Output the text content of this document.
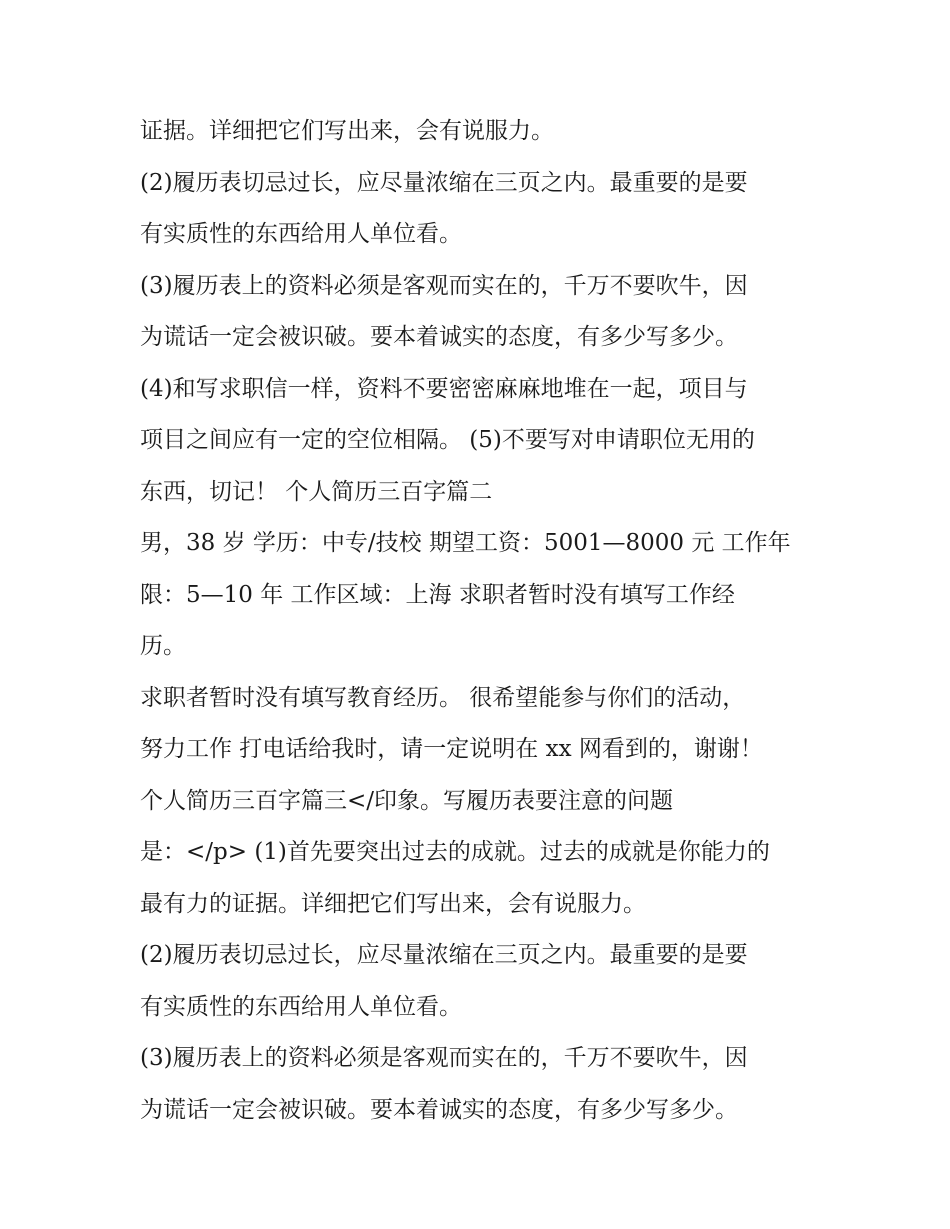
证据。详细把它们写出来，会有说服力。
(2)履历表切忌过长，应尽量浓缩在三页之内。最重要的是要
有实质性的东西给用人单位看。
(3)履历表上的资料必须是客观而实在的，千万不要吹牛，因
为谎话一定会被识破。要本着诚实的态度，有多少写多少。
(4)和写求职信一样，资料不要密密麻麻地堆在一起，项目与
项目之间应有一定的空位相隔。 (5)不要写对申请职位无用的
东西，切记！ 个人简历三百字篇二
男，38 岁 学历：中专/技校 期望工资：5001—8000 元 工作年
限：5—10 年 工作区域：上海 求职者暂时没有填写工作经
历。
求职者暂时没有填写教育经历。 很希望能参与你们的活动，
努力工作 打电话给我时，请一定说明在 xx 网看到的，谢谢！
个人简历三百字篇三</印象。写履历表要注意的问题
是：</p> (1)首先要突出过去的成就。过去的成就是你能力的
最有力的证据。详细把它们写出来，会有说服力。
(2)履历表切忌过长，应尽量浓缩在三页之内。最重要的是要
有实质性的东西给用人单位看。
(3)履历表上的资料必须是客观而实在的，千万不要吹牛，因
为谎话一定会被识破。要本着诚实的态度，有多少写多少。
